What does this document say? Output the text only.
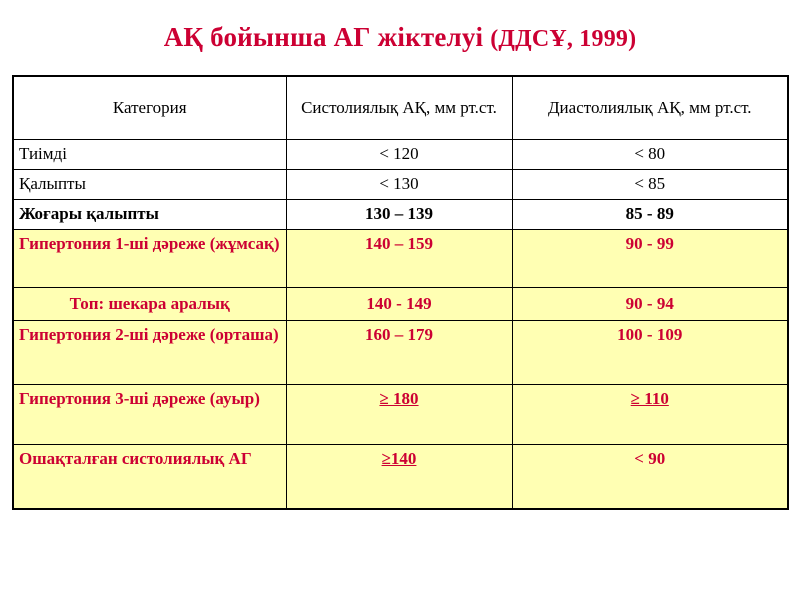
АҚ бойынша АГ жіктелуі (ДДСҰ, 1999)
Категория	Систолиялық АҚ, мм рт.ст.	Диастолиялық АҚ, мм рт.ст.
Тиімді	< 120	< 80
Қалыпты	< 130	< 85
Жоғары қалыпты	130 – 139	85 - 89
Гипертония 1-ші дәреже (жұмсақ)	140 – 159	90 - 99
Топ: шекара аралық	140 - 149	90 - 94
Гипертония 2-ші дәреже (орташа)	160 – 179	100 - 109
Гипертония 3-ші дәреже (ауыр)	≥ 180	≥ 110
Ошақталған систолиялық АГ	≥140	< 90
